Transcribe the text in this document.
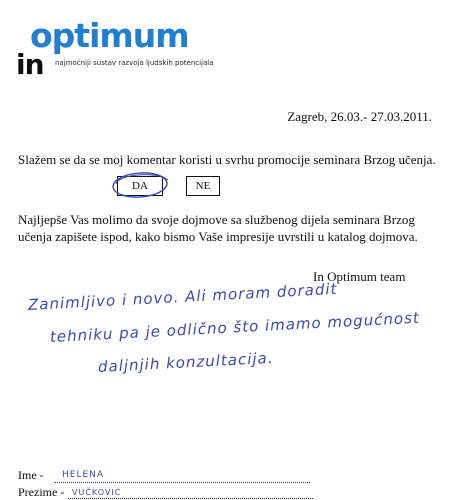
optimum
in najmoćniji sustav razvoja ljudskih potencijala
Zagreb, 26.03.- 27.03.2011.
Slažem se da se moj komentar koristi u svrhu promocije seminara Brzog učenja.
DA	NE
Najljepše Vas molimo da svoje dojmove sa službenog dijela seminara Brzog učenja zapišete ispod, kako bismo Vaše impresije uvrstili u katalog dojmova.
In Optimum team
Zanimljivo i novo. Ali moram doradit
tehniku pa je odlično što imamo mogućnost
daljnjih konzultacija.
Ime - HELENA
Prezime - VUČKOVIĆ
